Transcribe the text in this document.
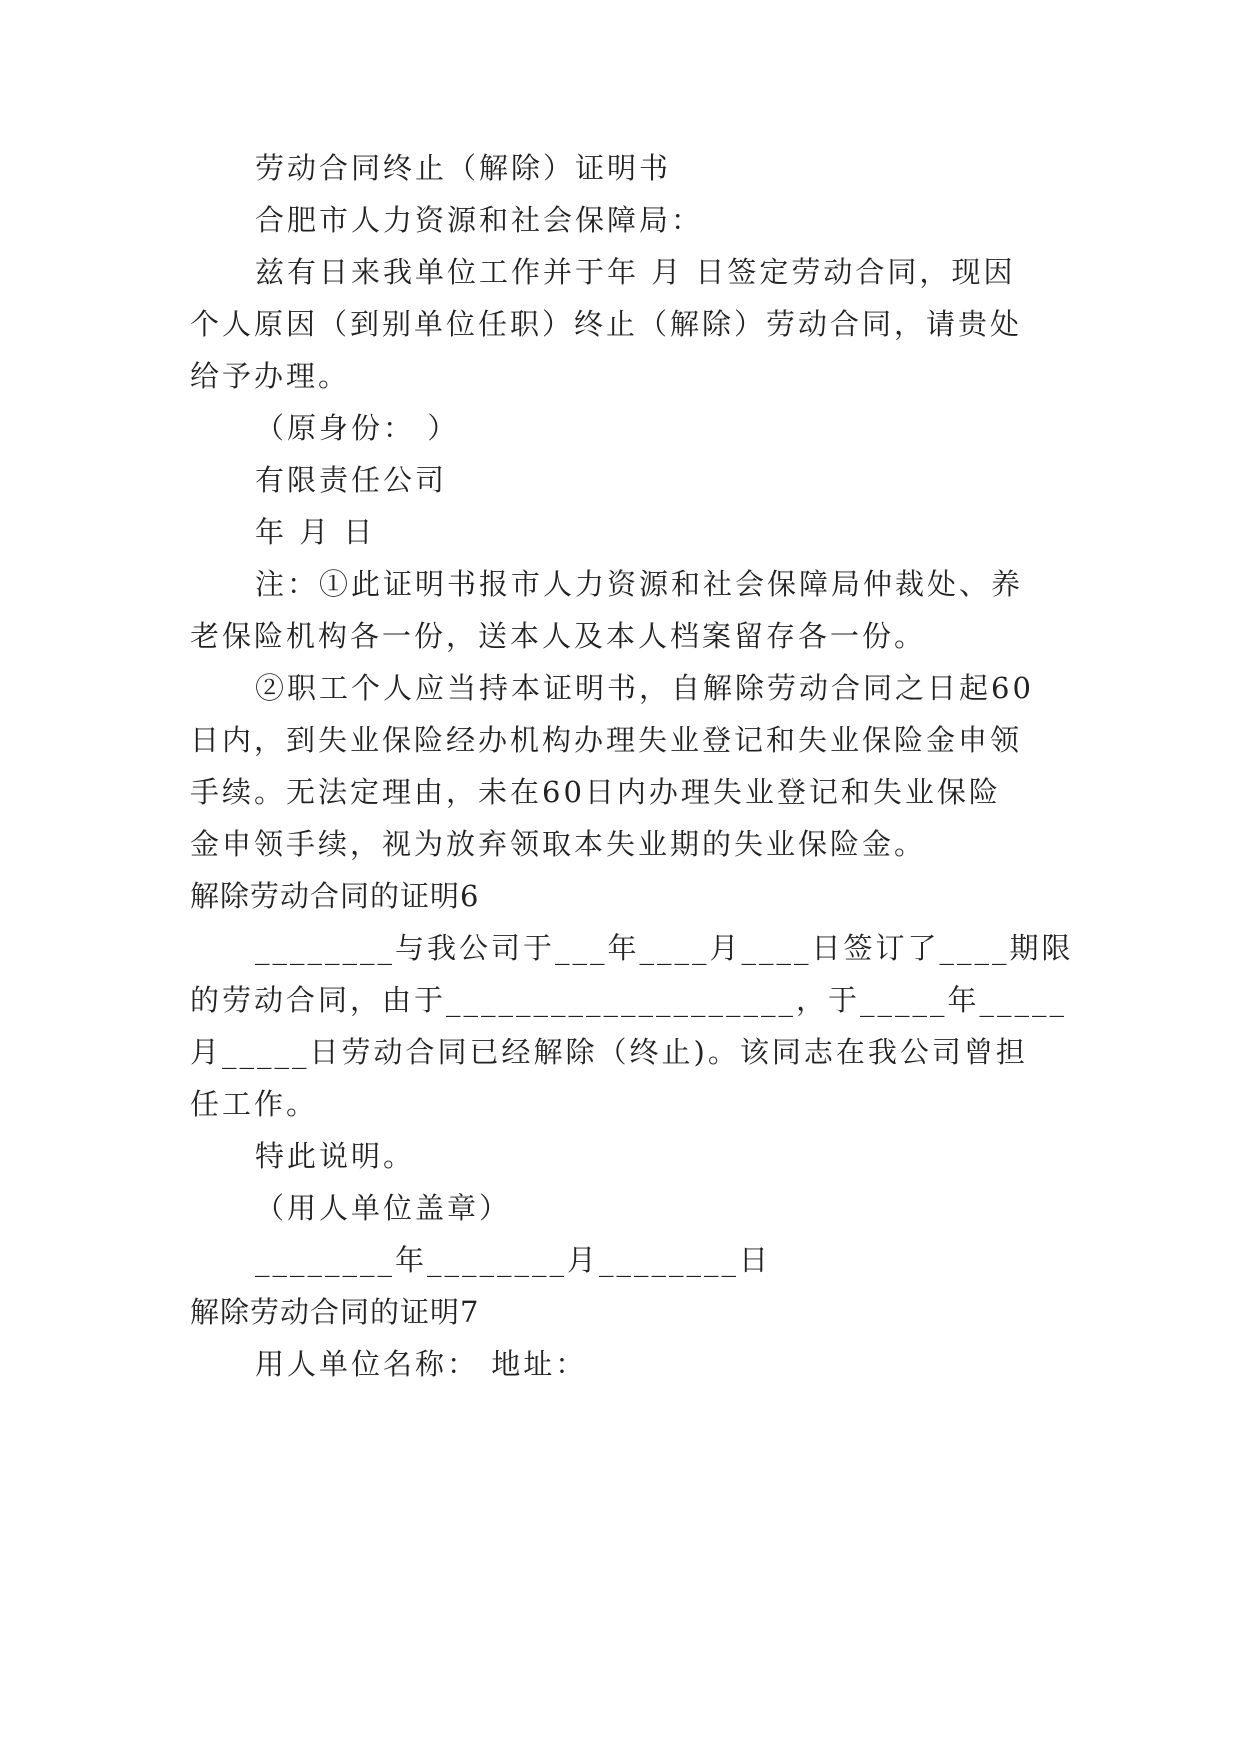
劳动合同终止（解除）证明书
合肥市人力资源和社会保障局：
兹有日来我单位工作并于年 月 日签定劳动合同，现因
个人原因（到别单位任职）终止（解除）劳动合同，请贵处
给予办理。
（原身份： ）
有限责任公司
年 月 日
注：①此证明书报市人力资源和社会保障局仲裁处、养
老保险机构各一份，送本人及本人档案留存各一份。
②职工个人应当持本证明书，自解除劳动合同之日起60
日内，到失业保险经办机构办理失业登记和失业保险金申领
手续。无法定理由，未在60日内办理失业登记和失业保险
金申领手续，视为放弃领取本失业期的失业保险金。
解除劳动合同的证明6
________与我公司于___年____月____日签订了____期限
的劳动合同，由于____________________，于_____年_____
月_____日劳动合同已经解除（终止)。该同志在我公司曾担
任工作。
特此说明。
（用人单位盖章）
________年________月________日
解除劳动合同的证明7
用人单位名称： 地址：
